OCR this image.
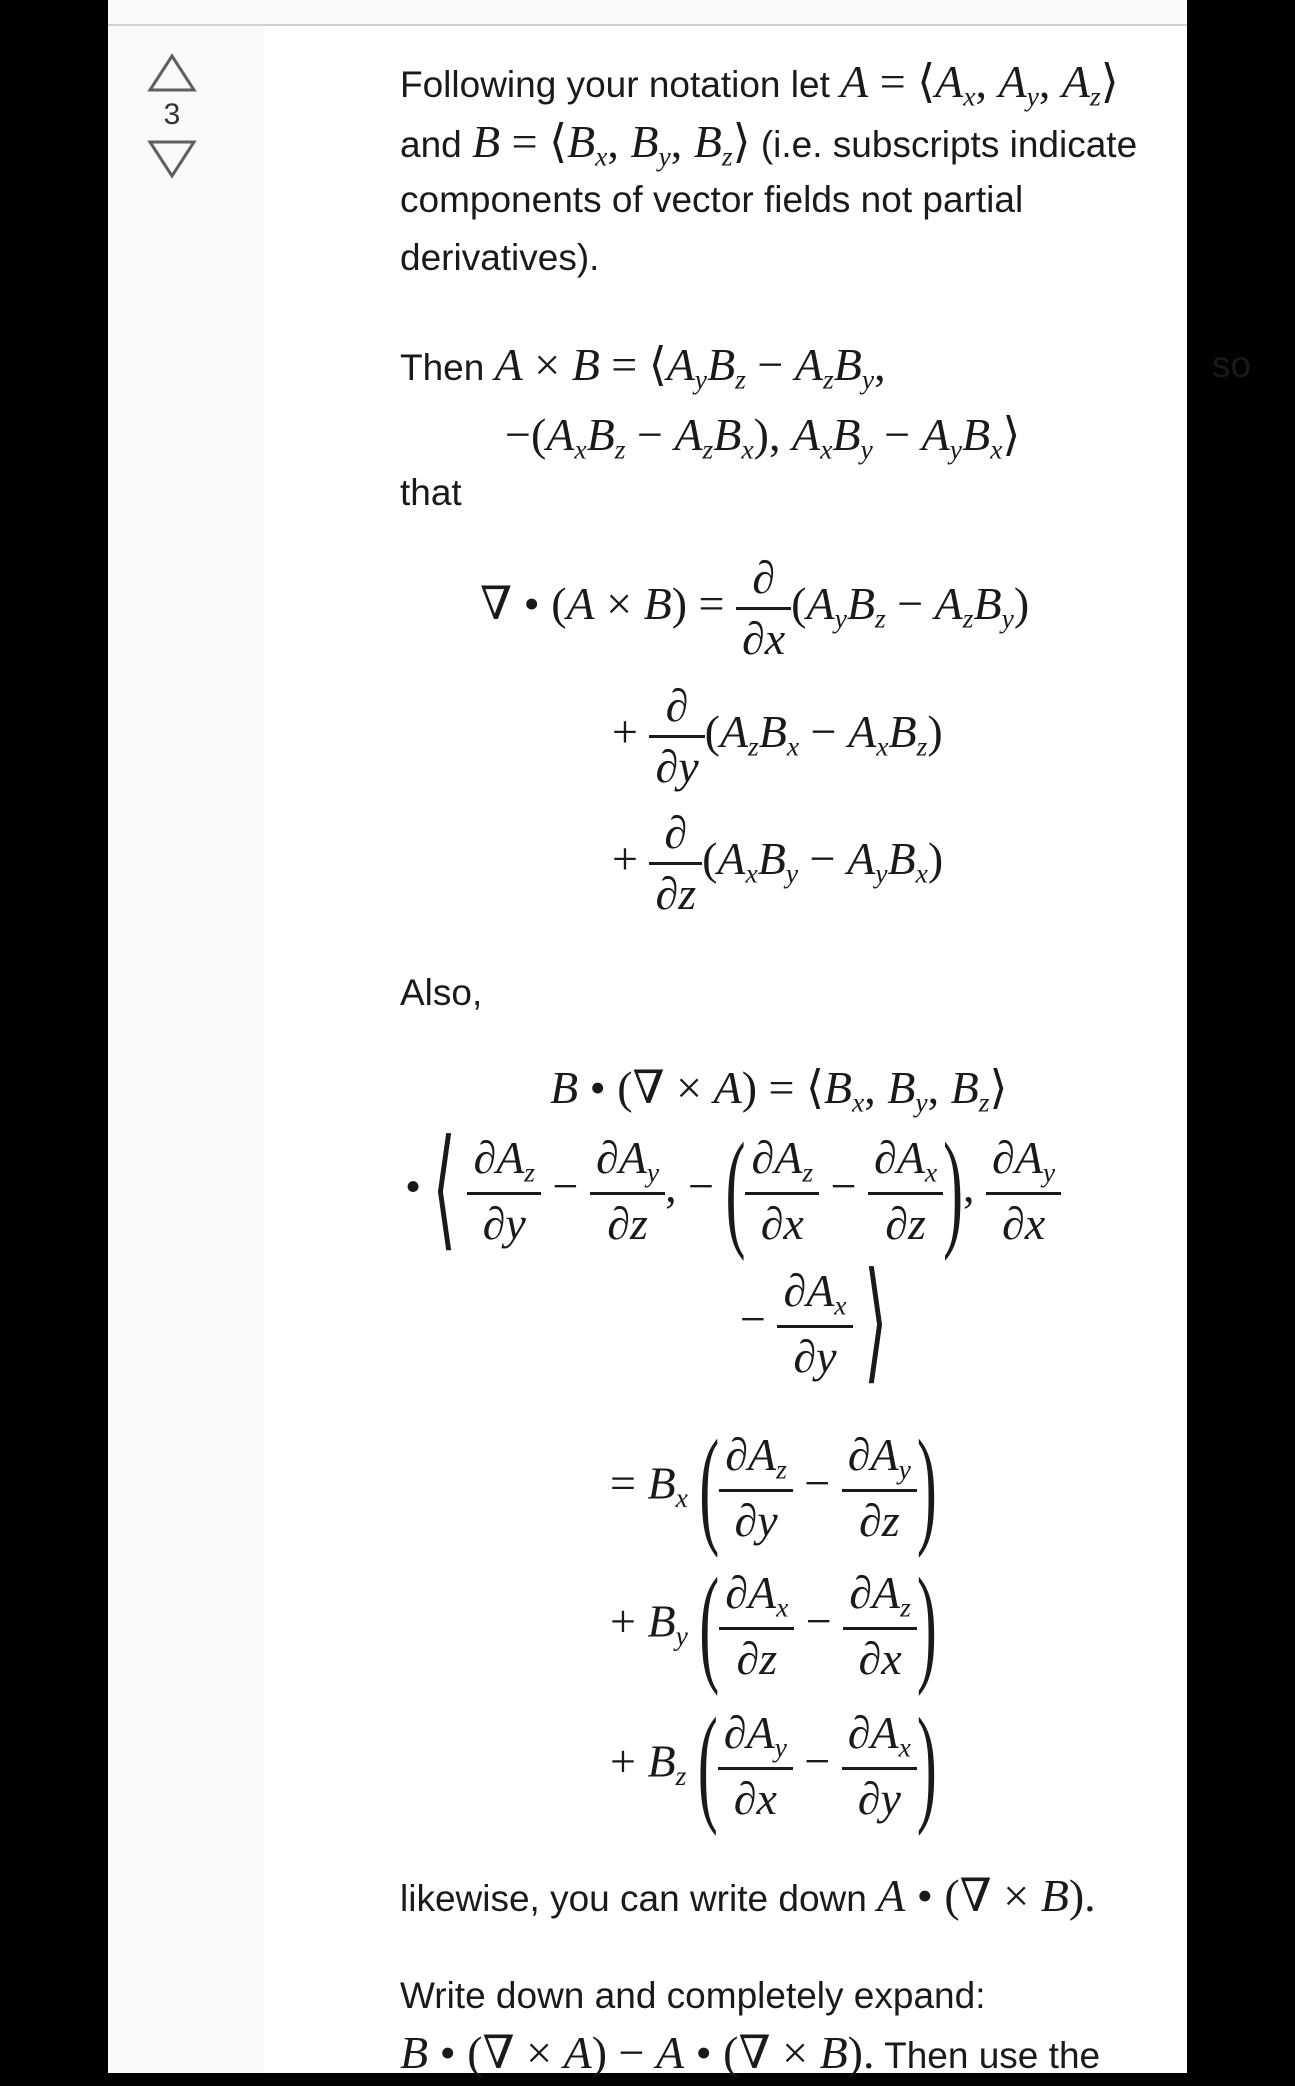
3
Following your notation let $A = ⟨A_x$, $A_y$, $A_z⟩$
and $B = ⟨B_x$, $B_y$, $B_z⟩$ (i.e. subscripts indicate
components of vector fields not partial
derivatives).
Then $A \times B = ⟨A_yB_z - A_zB_y$,	so
$-(A_xB_z - A_zB_x)$, $A_xB_y$ − $A_yB_x⟩$
that
∇ • $(A \times B) = \frac{\partial}{\partial x} (A_yB_z - A_zB_y)$
+ $\frac{\partial}{\partial y} (A_zB_x - A_xB_z)$
+ $\frac{\partial}{\partial z} (A_xB_y - A_yB_x)$
Also,
B • (∇ × $A) = ⟨B_x$, $B_y$, $B_z⟩$
• ⟨ $\frac{\partial A_z}{\partial y} - \frac{\partial A_y}{\partial z}$ , − ( $\frac{\partial A_z}{\partial x} - \frac{\partial A_x}{\partial z}$ ), $\frac{\partial A_y}{\partial x}$
− $\frac{\partial A_x}{\partial y}$ ⟩
= $B_x$ ( $\frac{\partial A_z}{\partial y} - \frac{\partial A_y}{\partial z}$ )
+ $B_y$ ( $\frac{\partial A_x}{\partial z} - \frac{\partial A_z}{\partial x}$ )
+ $B_z$ ( $\frac{\partial A_y}{\partial x} - \frac{\partial A_x}{\partial y}$ )
likewise, you can write down A • (∇ × B).
Write down and completely expand:
B • (∇ × A) − A • (∇ × B). Then use the
